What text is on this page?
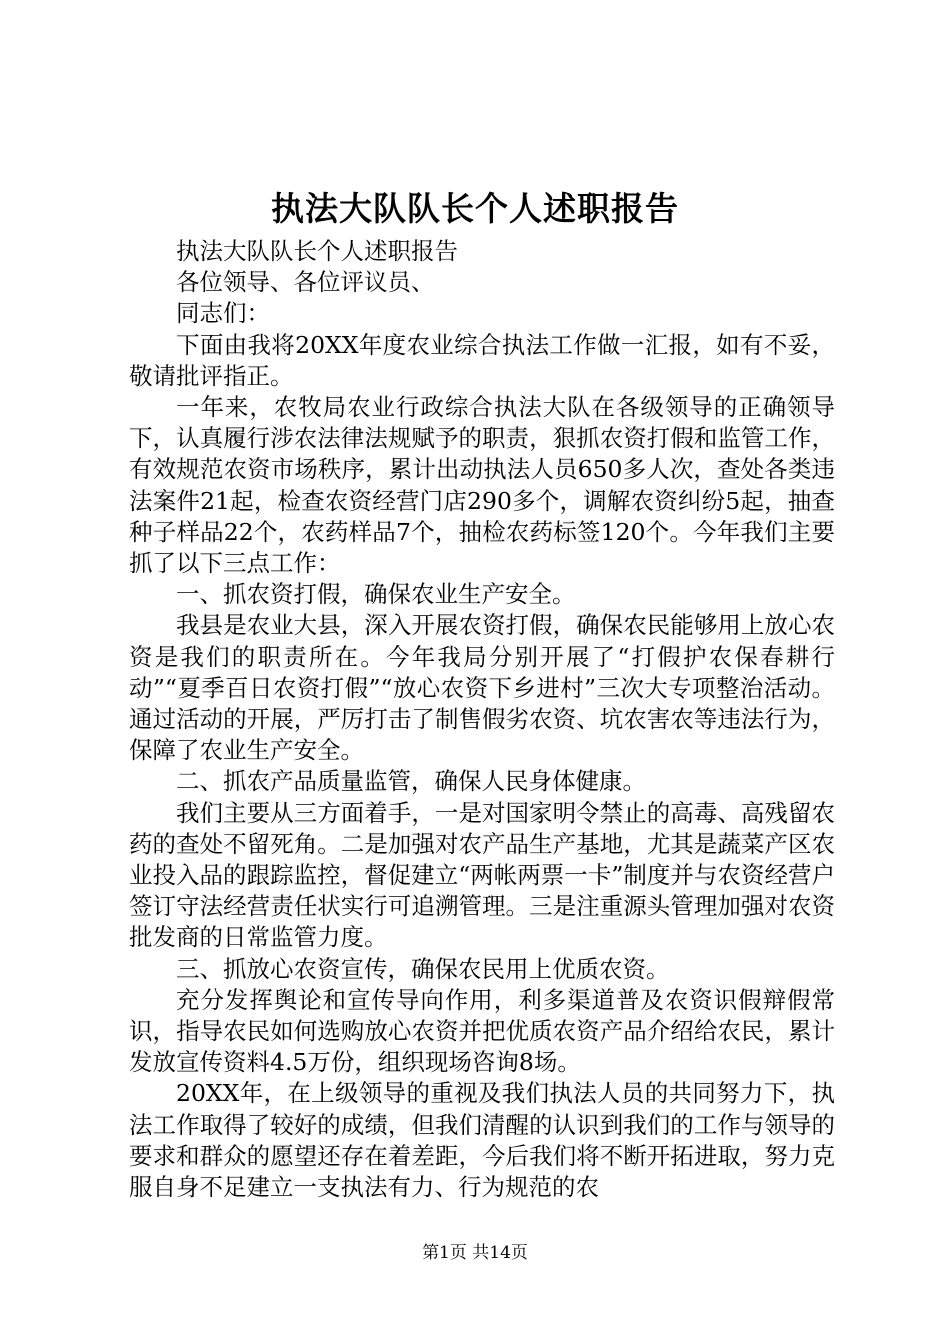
执法大队队长个人述职报告

执法大队队长个人述职报告

各位领导、各位评议员、

同志们：

下面由我将20XX年度农业综合执法工作做一汇报，如有不妥，敬请批评指正。

一年来，农牧局农业行政综合执法大队在各级领导的正确领导下，认真履行涉农法律法规赋予的职责，狠抓农资打假和监管工作，有效规范农资市场秩序，累计出动执法人员650多人次，查处各类违法案件21起，检查农资经营门店290多个，调解农资纠纷5起，抽查种子样品22个，农药样品7个，抽检农药标签120个。今年我们主要抓了以下三点工作：

一、抓农资打假，确保农业生产安全。

我县是农业大县，深入开展农资打假，确保农民能够用上放心农资是我们的职责所在。今年我局分别开展了“打假护农保春耕行动”“夏季百日农资打假”“放心农资下乡进村”三次大专项整治活动。通过活动的开展，严厉打击了制售假劣农资、坑农害农等违法行为，保障了农业生产安全。

二、抓农产品质量监管，确保人民身体健康。

我们主要从三方面着手，一是对国家明令禁止的高毒、高残留农药的查处不留死角。二是加强对农产品生产基地，尤其是蔬菜产区农业投入品的跟踪监控，督促建立“两帐两票一卡”制度并与农资经营户签订守法经营责任状实行可追溯管理。三是注重源头管理加强对农资批发商的日常监管力度。

三、抓放心农资宣传，确保农民用上优质农资。

充分发挥舆论和宣传导向作用，利多渠道普及农资识假辩假常识，指导农民如何选购放心农资并把优质农资产品介绍给农民，累计发放宣传资料4.5万份，组织现场咨询8场。

20XX年，在上级领导的重视及我们执法人员的共同努力下，执法工作取得了较好的成绩，但我们清醒的认识到我们的工作与领导的要求和群众的愿望还存在着差距，今后我们将不断开拓进取，努力克服自身不足建立一支执法有力、行为规范的农

第1页 共14页
